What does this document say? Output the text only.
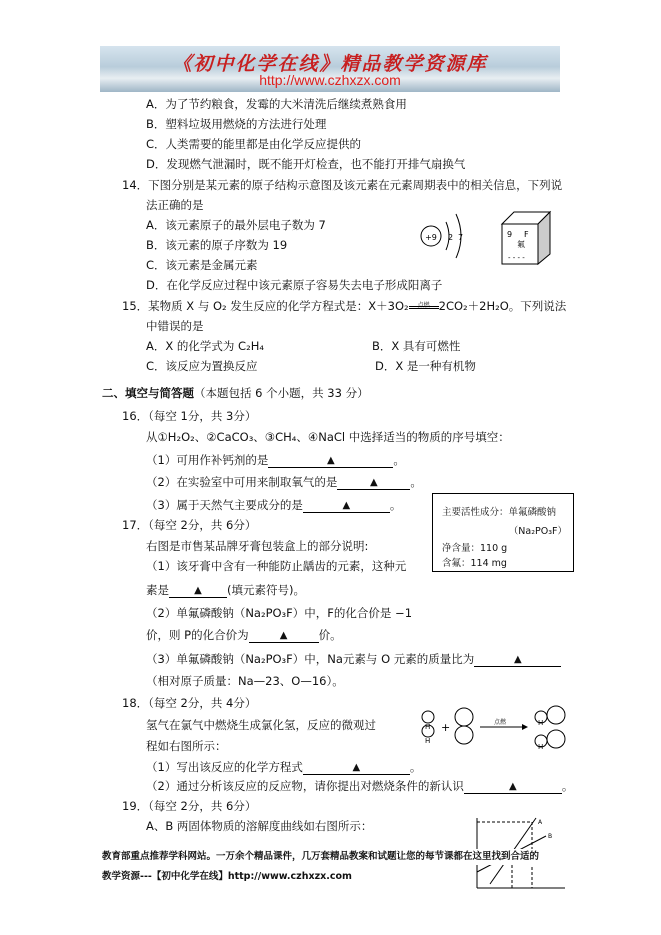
《初中化学在线》精品教学资源库
http://www.czhxzx.com
A．为了节约粮食，发霉的大米清洗后继续煮熟食用
B．塑料垃圾用燃烧的方法进行处理
C．人类需要的能里都是由化学反应提供的
D．发现燃气泄漏时，既不能开灯检查，也不能打开排气扇换气
14．下图分别是某元素的原子结构示意图及该元素在元素周期表中的相关信息，下列说
法正确的是
A．该元素原子的最外层电子数为 7
B．该元素的原子序数为 19
C．该元素是金属元素
D．在化学反应过程中该元素原子容易失去电子形成阳离子
+9 2 7	9 F
氟
- - - -
15．某物质 X 与 O₂ 发生反应的化学方程式是：X＋3O₂ 点燃 2CO₂＋2H₂O。下列说法
中错误的是
A．X 的化学式为 C₂H₄	B．X 具有可燃性
C．该反应为置换反应	D．X 是一种有机物
二、填空与简答题（本题包括 6 个小题，共 33 分）
16．（每空 1分，共 3分）
从①H₂O₂、②CaCO₃、③CH₄、④NaCl 中选择适当的物质的序号填空：
（1）可用作补钙剂的是 ▲	。
（2）在实验室中可用来制取氧气的是 ▲	。
（3）属于天然气主要成分的是 ▲	。
主要活性成分：单氟磷酸钠
（Na₂PO₃F）
净含量：110 g
含氟：114 mg
17．（每空 2分，共 6分）
右图是市售某品牌牙膏包装盒上的部分说明:
（1）该牙膏中含有一种能防止龋齿的元素，这种元
素是 ▲	(填元素符号)。
（2）单氟磷酸钠（Na₂PO₃F）中，F的化合价是 −1
价，则 P的化合价为 ▲	价。
（3）单氟磷酸钠（Na₂PO₃F）中，Na元素与 O 元素的质量比为▲
（相对原子质量：Na—23、O—16）。
18．（每空 2分，共 4分）
氢气在氯气中燃烧生成氯化氢，反应的微观过
程如右图所示：
H
H
+	点燃	H
H
（1）写出该反应的化学方程式 ▲	。
（2）通过分析该反应的反应物，请你提出对燃烧条件的新认识 ▲	。
19．（每空 2分，共 6分）
A、B 两固体物质的溶解度曲线如右图所示：	A
B
教育部重点推荐学科网站。一万余个精品课件，几万套精品教案和试题让您的每节课都在这里找到合适的
教学资源---【初中化学在线】http://www.czhxzx.com
